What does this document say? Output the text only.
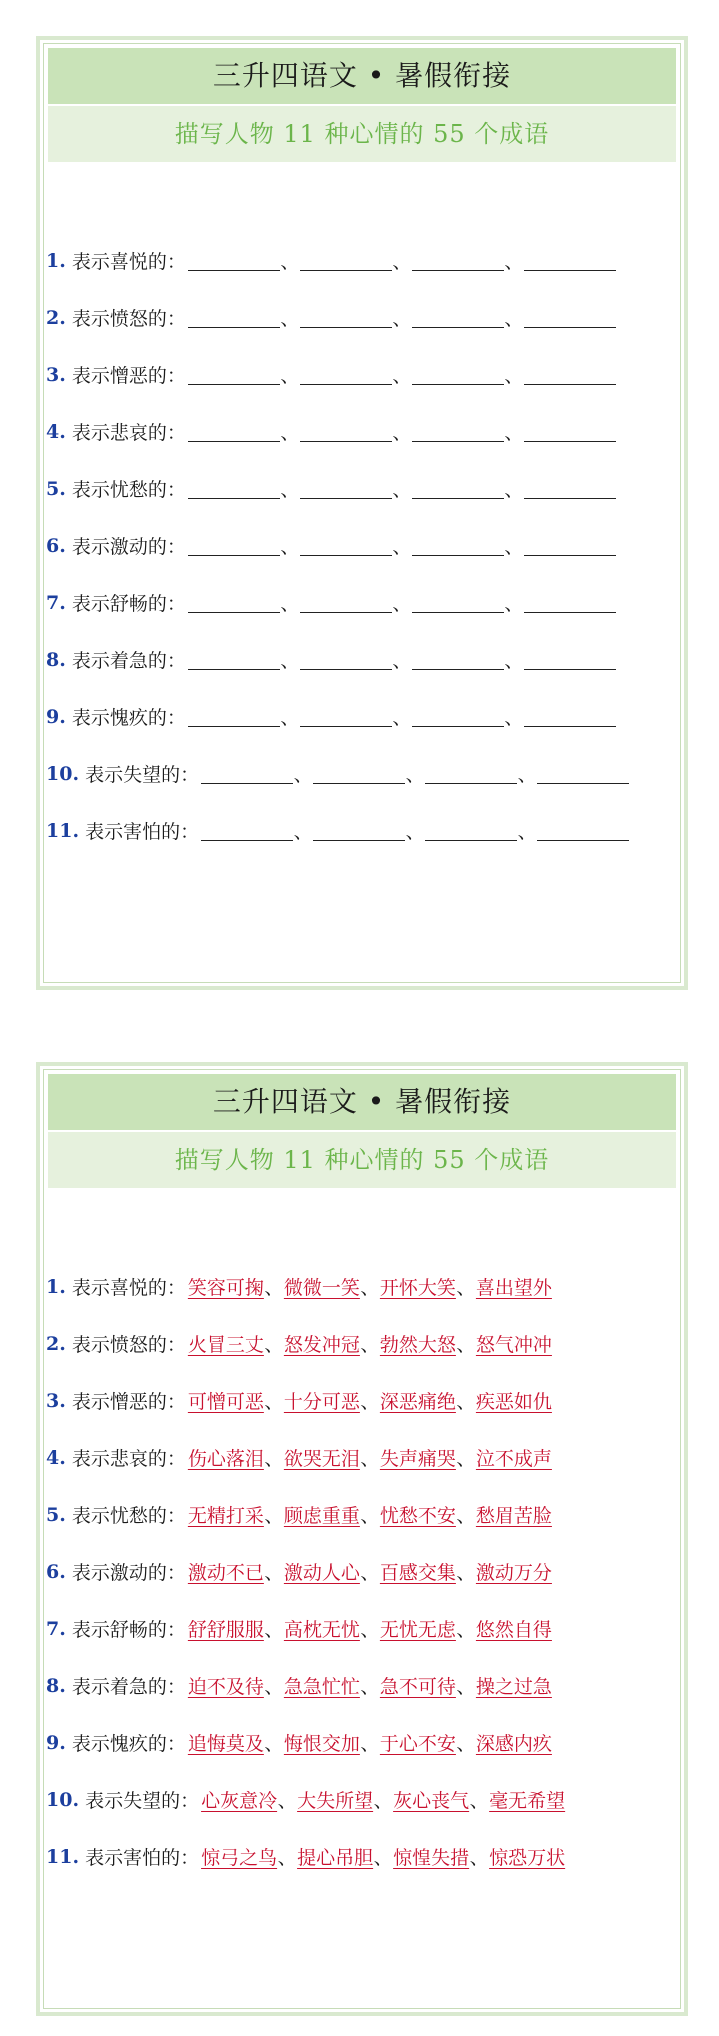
三升四语文 • 暑假衔接
描写人物 11 种心情的 55 个成语
1. 表示喜悦的：	、	、	、
2. 表示愤怒的：	、	、	、
3. 表示憎恶的：	、	、	、
4. 表示悲哀的：	、	、	、
5. 表示忧愁的：	、	、	、
6. 表示激动的：	、	、	、
7. 表示舒畅的：	、	、	、
8. 表示着急的：	、	、	、
9. 表示愧疚的：	、	、	、
10. 表示失望的：	、	、	、
11. 表示害怕的：	、	、	、
三升四语文 • 暑假衔接
描写人物 11 种心情的 55 个成语
1. 表示喜悦的： 笑容可掬 、 微微一笑 、 开怀大笑 、 喜出望外
2. 表示愤怒的： 火冒三丈 、 怒发冲冠 、 勃然大怒 、 怒气冲冲
3. 表示憎恶的： 可憎可恶 、 十分可恶 、 深恶痛绝 、 疾恶如仇
4. 表示悲哀的： 伤心落泪 、 欲哭无泪 、 失声痛哭 、 泣不成声
5. 表示忧愁的： 无精打采 、 顾虑重重 、 忧愁不安 、 愁眉苦脸
6. 表示激动的： 激动不已 、 激动人心 、 百感交集 、 激动万分
7. 表示舒畅的： 舒舒服服 、 高枕无忧 、 无忧无虑 、 悠然自得
8. 表示着急的： 迫不及待 、 急急忙忙 、 急不可待 、 操之过急
9. 表示愧疚的： 追悔莫及 、 悔恨交加 、 于心不安 、 深感内疚
10. 表示失望的： 心灰意冷 、 大失所望 、 灰心丧气 、 毫无希望
11. 表示害怕的： 惊弓之鸟 、 提心吊胆 、 惊惶失措 、 惊恐万状
